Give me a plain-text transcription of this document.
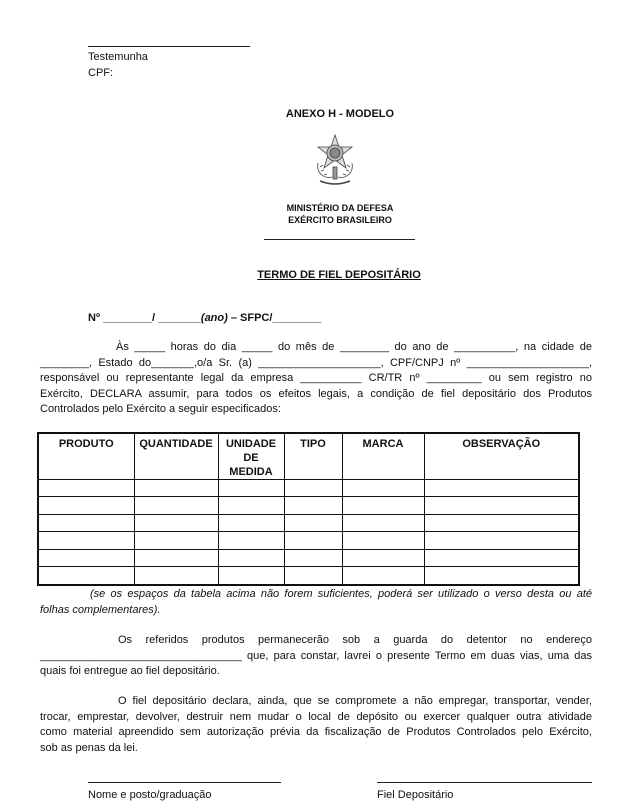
Testemunha
CPF:
ANEXO H - MODELO
MINISTÉRIO DA DEFESA
EXÉRCITO BRASILEIRO
TERMO DE FIEL DEPOSITÁRIO
Nº ________/ _______(ano) – SFPC/________
Às _____ horas do dia _____ do mês de ________ do ano de __________, na cidade de
________, Estado do_______,o/a Sr. (a) ____________________, CPF/CNPJ nº ____________________,
responsável ou representante legal da empresa __________ CR/TR nº _________ ou sem registro no
Exército, DECLARA assumir, para todos os efeitos legais, a condição de fiel depositário dos Produtos
Controlados pelo Exército a seguir especificados:
PRODUTO	QUANTIDADE	UNIDADE DE MEDIDA	TIPO	MARCA	OBSERVAÇÃO

(se os espaços da tabela acima não forem suficientes, poderá ser utilizado o verso desta ou até
folhas complementares).
Os referidos produtos permanecerão sob a guarda do detentor no endereço
_________________________________ que, para constar, lavrei o presente Termo em duas vias, uma das
quais foi entregue ao fiel depositário.
O fiel depositário declara, ainda, que se compromete a não empregar, transportar, vender,
trocar, emprestar, devolver, destruir nem mudar o local de depósito ou exercer qualquer outra atividade
como material apreendido sem autorização prévia da fiscalização de Produtos Controlados pelo Exército,
sob as penas da lei.
Nome e posto/graduação	Fiel Depositário
